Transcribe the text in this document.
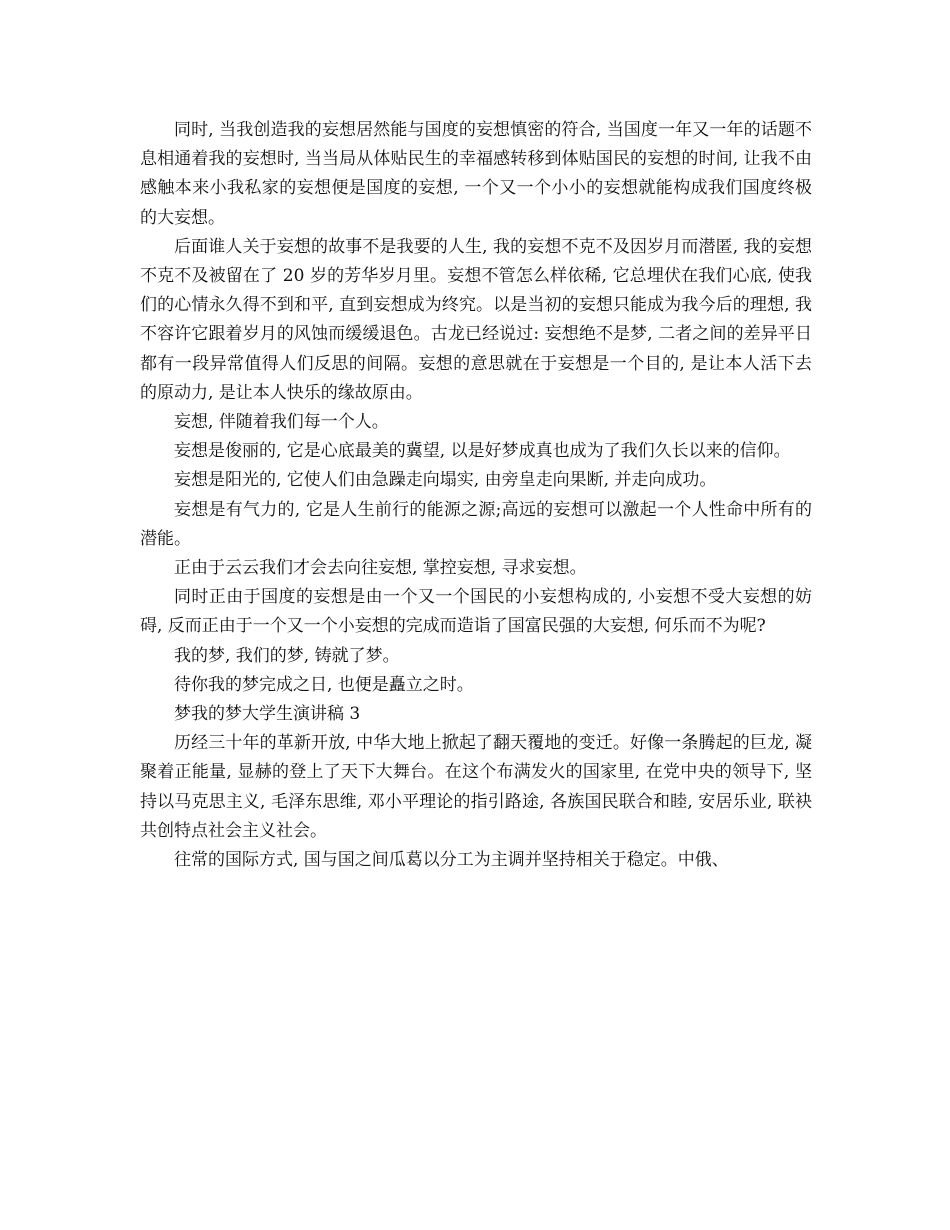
同时, 当我创造我的妄想居然能与国度的妄想慎密的符合, 当国度一年又一年的话题不息相通着我的妄想时, 当当局从体贴民生的幸福感转移到体贴国民的妄想的时间, 让我不由感触本来小我私家的妄想便是国度的妄想, 一个又一个小小的妄想就能构成我们国度终极的大妄想。

后面谁人关于妄想的故事不是我要的人生, 我的妄想不克不及因岁月而潜匿, 我的妄想不克不及被留在了 20 岁的芳华岁月里。妄想不管怎么样依稀, 它总埋伏在我们心底, 使我们的心情永久得不到和平, 直到妄想成为终究。以是当初的妄想只能成为我今后的理想, 我不容许它跟着岁月的风蚀而缓缓退色。古龙已经说过: 妄想绝不是梦, 二者之间的差异平日都有一段异常值得人们反思的间隔。妄想的意思就在于妄想是一个目的, 是让本人活下去的原动力, 是让本人快乐的缘故原由。

妄想, 伴随着我们每一个人。

妄想是俊丽的, 它是心底最美的冀望, 以是好梦成真也成为了我们久长以来的信仰。

妄想是阳光的, 它使人们由急躁走向塌实, 由旁皇走向果断, 并走向成功。

妄想是有气力的, 它是人生前行的能源之源;高远的妄想可以激起一个人性命中所有的潜能。

正由于云云我们才会去向往妄想, 掌控妄想, 寻求妄想。

同时正由于国度的妄想是由一个又一个国民的小妄想构成的, 小妄想不受大妄想的妨碍, 反而正由于一个又一个小妄想的完成而造诣了国富民强的大妄想, 何乐而不为呢?

我的梦, 我们的梦, 铸就了梦。

待你我的梦完成之日, 也便是矗立之时。

梦我的梦大学生演讲稿 3

历经三十年的革新开放, 中华大地上掀起了翻天覆地的变迁。好像一条腾起的巨龙, 凝聚着正能量, 显赫的登上了天下大舞台。在这个布满发火的国家里, 在党中央的领导下, 坚持以马克思主义, 毛泽东思维, 邓小平理论的指引路途, 各族国民联合和睦, 安居乐业, 联袂共创特点社会主义社会。

往常的国际方式, 国与国之间瓜葛以分工为主调并坚持相关于稳定。中俄、
